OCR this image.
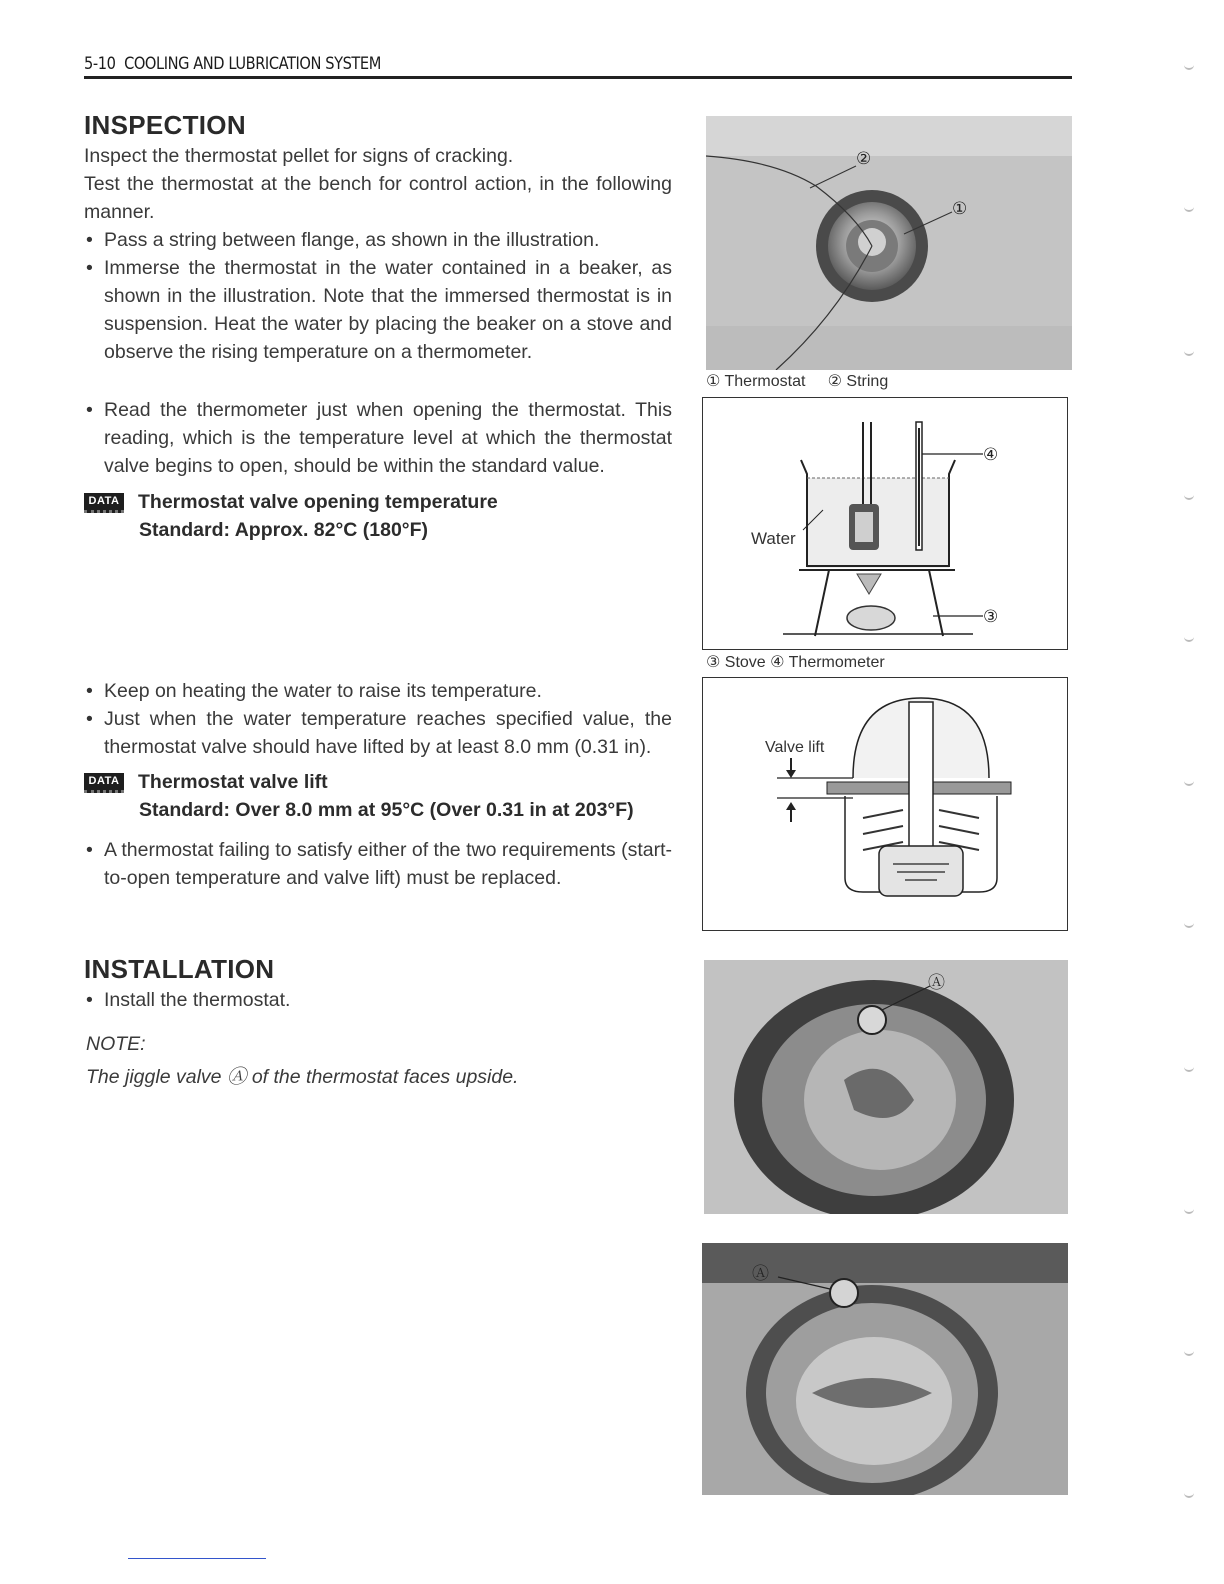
5-10 COOLING AND LUBRICATION SYSTEM
INSPECTION
Inspect the thermostat pellet for signs of cracking.
Test the thermostat at the bench for control action, in the following manner.
• Pass a string between flange, as shown in the illustration.
• Immerse the thermostat in the water contained in a beaker, as shown in the illustration. Note that the immersed thermostat is in suspension. Heat the water by placing the beaker on a stove and observe the rising temperature on a thermometer.
• Read the thermometer just when opening the thermostat. This reading, which is the temperature level at which the thermostat valve begins to open, should be within the standard value.
DATA Thermostat valve opening temperature
Standard: Approx. 82°C (180°F)
• Keep on heating the water to raise its temperature.
• Just when the water temperature reaches specified value, the thermostat valve should have lifted by at least 8.0 mm (0.31 in).
DATA Thermostat valve lift
Standard: Over 8.0 mm at 95°C (Over 0.31 in at 203°F)
• A thermostat failing to satisfy either of the two requirements (start-to-open temperature and valve lift) must be replaced.
INSTALLATION
• Install the thermostat.
NOTE:
The jiggle valve Ⓐ of the thermostat faces upside.
②
①
① Thermostat     ② String
Water
④
③
③ Stove ④ Thermometer
Valve lift
Ⓐ
Ⓐ
